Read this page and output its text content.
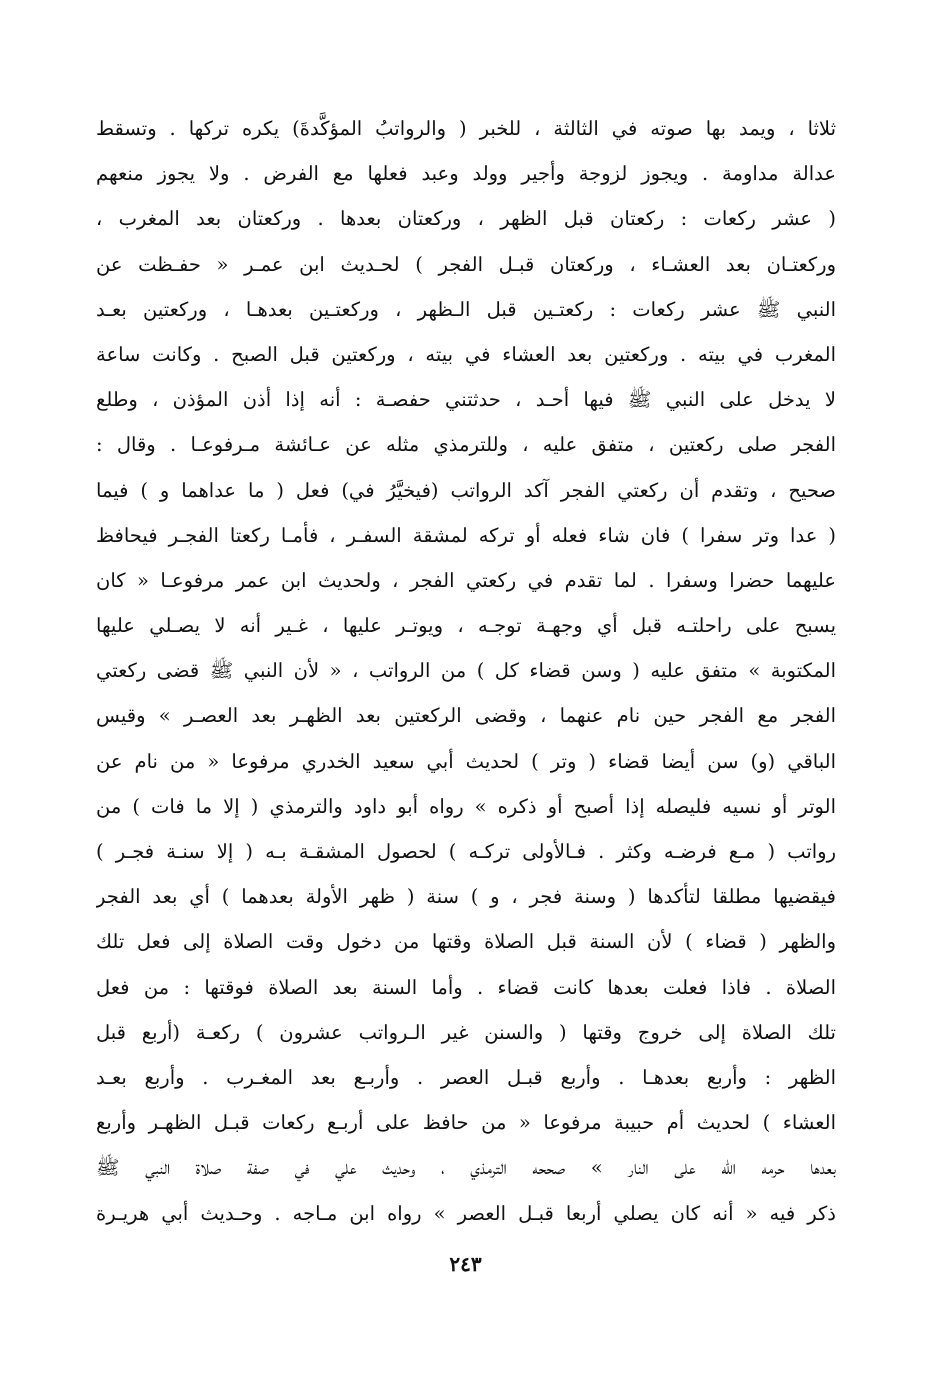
ثلاثا ، ويمد بها صوته في الثالثة ، للخبر ( والرواتبُ المؤكَّدةَ) يكره تركها . وتسقط
عدالة مداومة . ويجوز لزوجة وأجير وولد وعبد فعلها مع الفرض . ولا يجوز منعهم
( عشر ركعات : ركعتان قبل الظهر ، وركعتان بعدها . وركعتان بعد المغرب ،
وركعتـان بعد العشـاء ، وركعتان قبـل الفجر ) لحـديث ابن عمـر « حفـظت عن
النبي ﷺ عشر ركعات : ركعتـين قبل الـظهر ، وركعتـين بعدهـا ، وركعتين بعـد
المغرب في بيته . وركعتين بعد العشاء في بيته ، وركعتين قبل الصبح . وكانت ساعة
لا يدخل على النبي ﷺ فيها أحـد ، حدثتني حفصـة : أنه إذا أذن المؤذن ، وطلع
الفجر صلى ركعتين ، متفق عليه ، وللترمذي مثله عن عـائشة مـرفوعـا . وقال :
صحيح ، وتقدم أن ركعتي الفجر آكد الرواتب (فيخيَّرُ في) فعل ( ما عداهما و ) فيما
( عدا وتر سفرا ) فان شاء فعله أو تركه لمشقة السفـر ، فأمـا ركعتا الفجـر فيحافظ
عليهما حضرا وسفرا . لما تقدم في ركعتي الفجر ، ولحديث ابن عمر مرفوعـا « كان
يسبح على راحلتـه قبل أي وجهـة توجـه ، ويوتـر عليها ، غـير أنه لا يصـلي عليها
المكتوبة » متفق عليه ( وسن قضاء كل ) من الرواتب ، « لأن النبي ﷺ قضى ركعتي
الفجر مع الفجر حين نام عنهما ، وقضى الركعتين بعد الظهـر بعد العصـر » وقيس
الباقي (و) سن أيضا قضاء ( وتر ) لحديث أبي سعيد الخدري مرفوعا « من نام عن
الوتر أو نسيه فليصله إذا أصبح أو ذكره » رواه أبو داود والترمذي ( إلا ما فات ) من
رواتب ( مـع فرضـه وكثر . فـالأولى تركـه ) لحصول المشقـة بـه ( إلا سنـة فجـر )
فيقضيها مطلقا لتأكدها ( وسنة فجر ، و ) سنة ( ظهر الأولة بعدهما ) أي بعد الفجر
والظهر ( قضاء ) لأن السنة قبل الصلاة وقتها من دخول وقت الصلاة إلى فعل تلك
الصلاة . فاذا فعلت بعدها كانت قضاء . وأما السنة بعد الصلاة فوقتها : من فعل
تلك الصلاة إلى خروج وقتها ( والسنن غير الـرواتب عشرون ) ركعـة (أربع قبل
الظهر : وأربع بعدهـا . وأربع قبـل العصر . وأربـع بعد المغـرب . وأربع بعـد
العشاء ) لحديث أم حبيبة مرفوعا « من حافظ على أربـع ركعات قبـل الظهـر وأربع
بعدها حرمه الله على النار » صححه الترمذي ، وحديث علي في صفة صلاة النبي ﷺ
ذكر فيه « أنه كان يصلي أربعا قبـل العصر » رواه ابن مـاجه . وحـديث أبي هريـرة
٢٤٣
